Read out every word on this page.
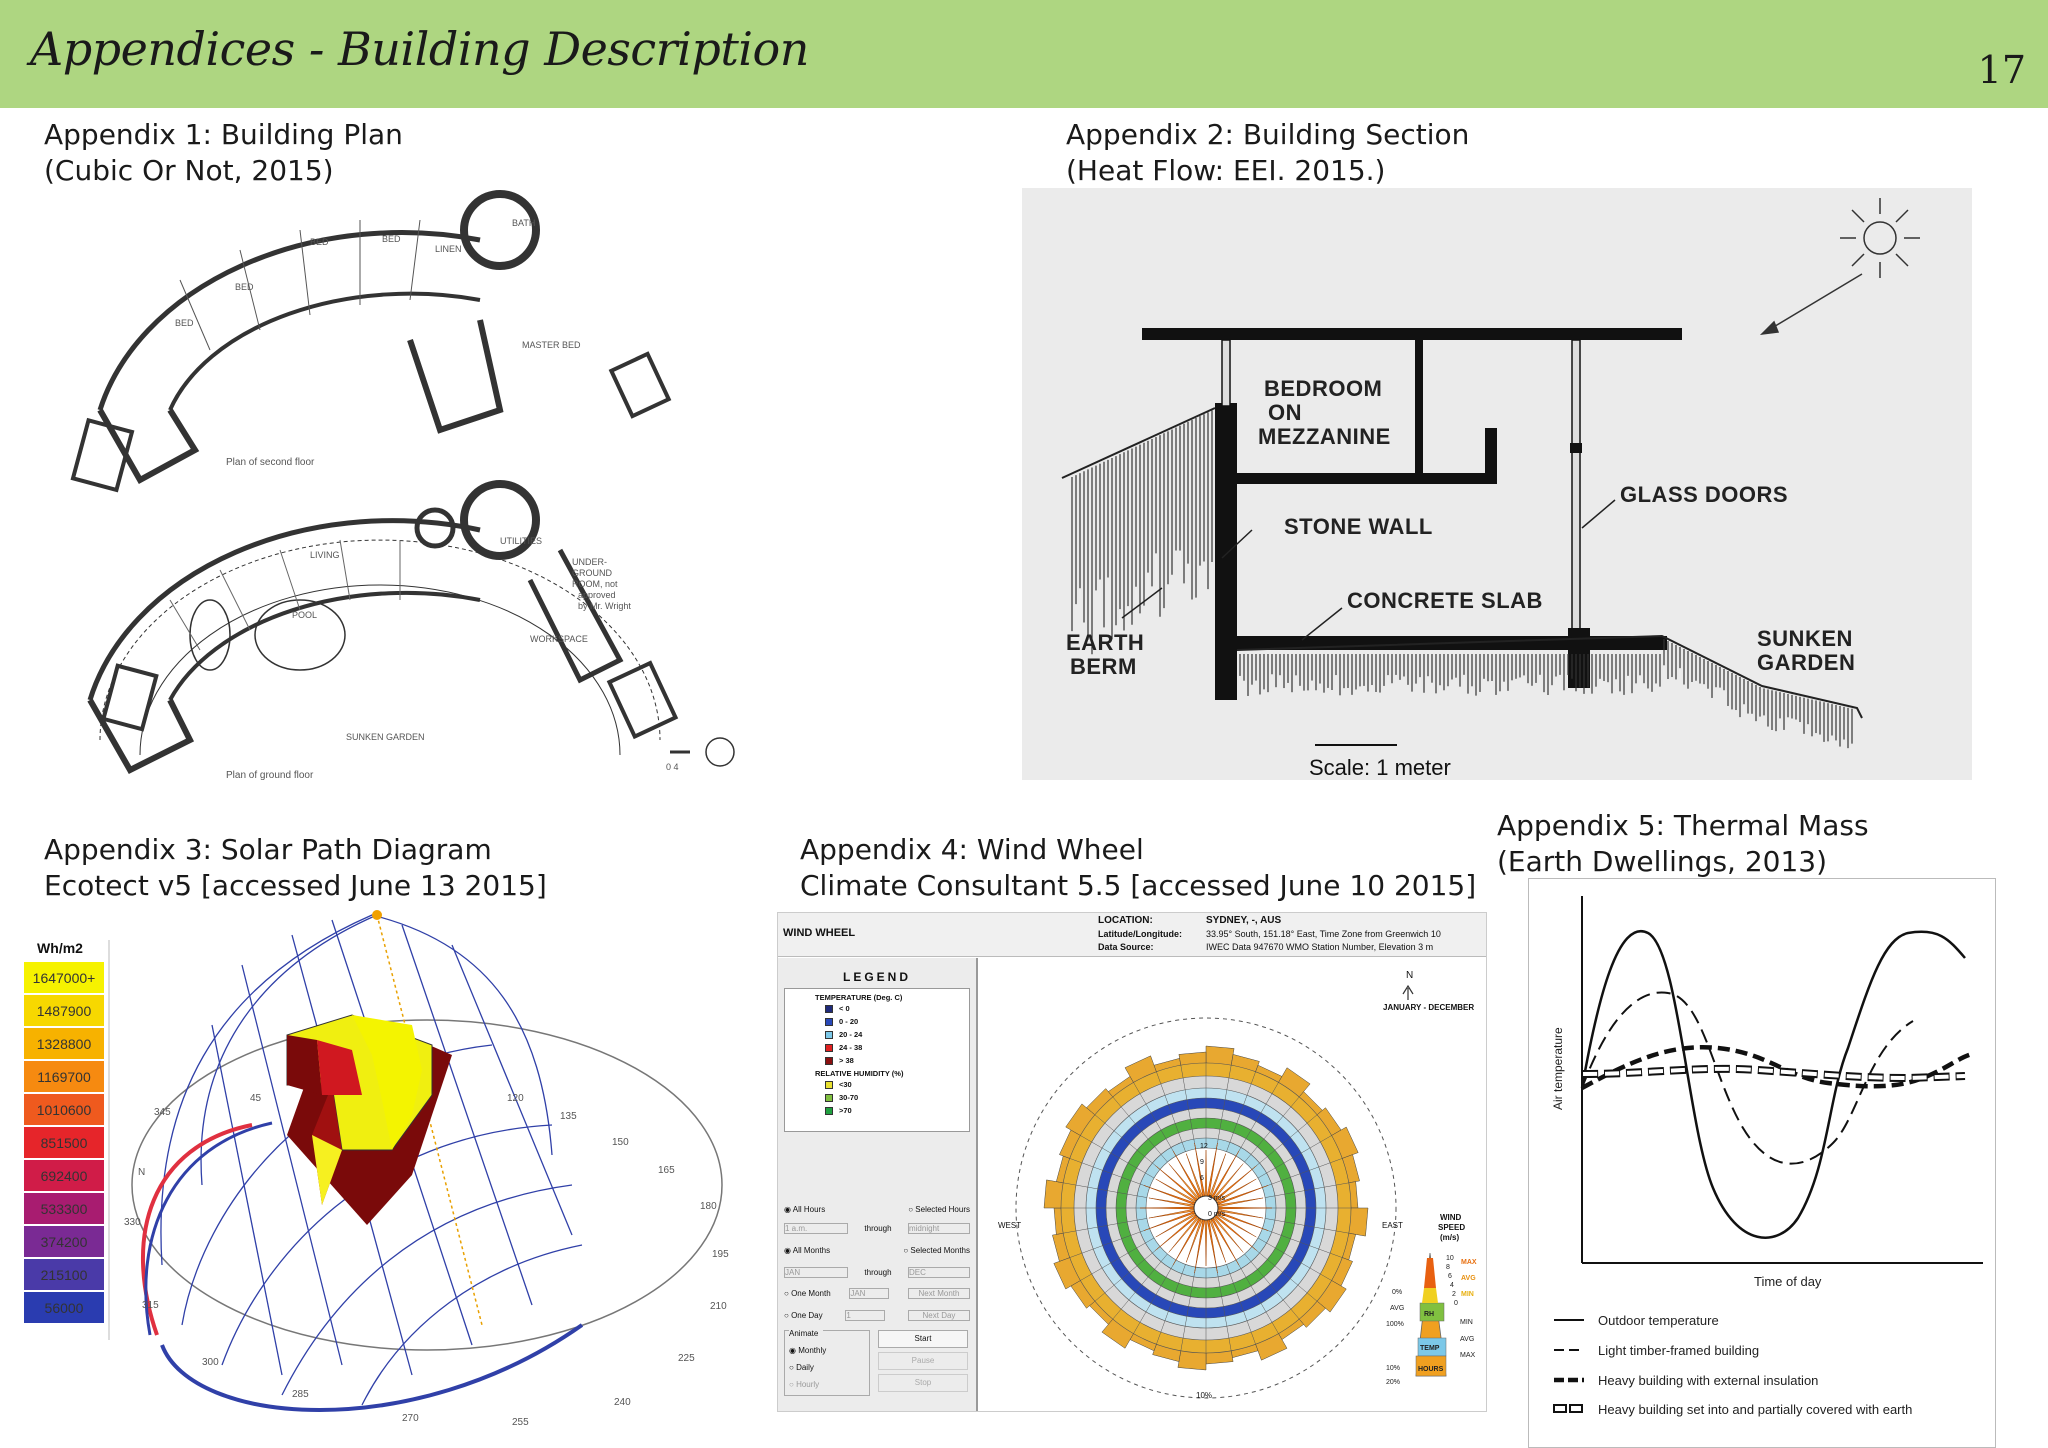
Appendices - Building Description	17
Appendix 1: Building Plan
(Cubic Or Not, 2015)
Appendix 2: Building Section
(Heat Flow: EEI. 2015.)
Appendix 3: Solar Path Diagram
Ecotect v5 [accessed June 13 2015]
Appendix 4: Wind Wheel
Climate Consultant 5.5 [accessed June 10 2015]
Appendix 5: Thermal Mass
(Earth Dwellings, 2013)
BED
BED
BED	BED
LINEN
BATH
MASTER BED
Plan of second floor
LIVING
POOL
UTILITIES
UNDER-
GROUND
ROOM, not
approved
by Mr. Wright
WORKSPACE
SUNKEN GARDEN
Plan of ground floor
0 4
BEDROOM
ON
MEZZANINE
GLASS DOORS
STONE WALL
CONCRETE SLAB
EARTH
BERM
SUNKEN
GARDEN
Scale: 1 meter
Wh/m2
1647000+
1487900
1328800
1169700
1010600
851500
692400
533300
374200
215100
56000
345
330
315
300
285
270	255
240
225
210
195
180
165
150
135
120
45
N
WIND WHEEL
LOCATION:	SYDNEY, -, AUS
Latitude/Longitude:	33.95° South, 151.18° East, Time Zone from Greenwich 10
Data Source:	IWEC Data 947670 WMO Station Number, Elevation 3 m
LEGEND
TEMPERATURE (Deg. C)
< 0
0 - 20
20 - 24
24 - 38
> 38
RELATIVE HUMIDITY (%)
<30
30-70
>70
◉ All Hours	○ Selected Hours
1 a.m.	through midnight
◉ All Months	○ Selected Months
JAN	through DEC
○ One Month JAN	Next Month
○ One Day	1	Next Day
Animate
◉ Monthly
○ Daily
○ Hourly
Start
Pause
Stop
N
JANUARY - DECEMBER
WEST	EAST
10%
WIND
SPEED
(m/s)
12
9
6
3 m/s
0 m/s
10
8
6
4
2
0
MAX
AVG
MIN
0%
AVG
100%
RH
MIN
TEMP
AVG
MAX
10%
20%
HOURS
Air temperature
Time of day
Outdoor temperature
Light timber-framed building
Heavy building with external insulation
Heavy building set into and partially covered with earth
